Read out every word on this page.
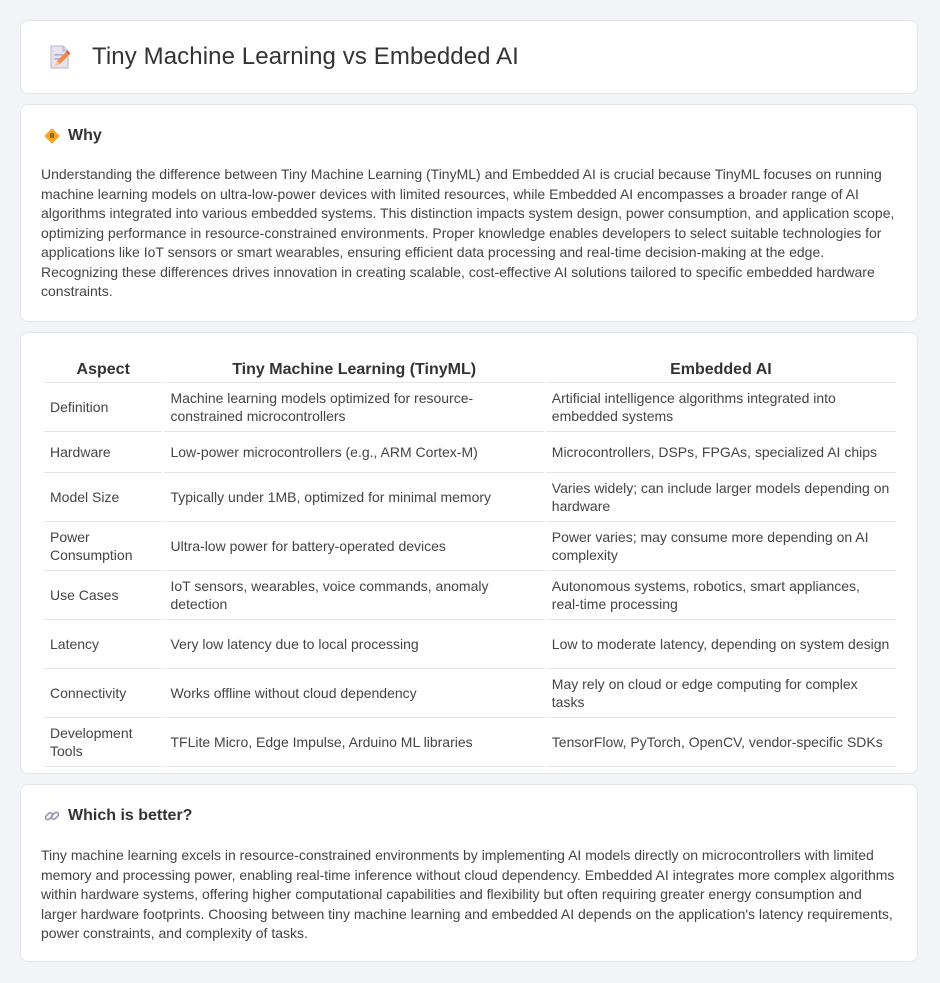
Tiny Machine Learning vs Embedded AI
Why
Understanding the difference between Tiny Machine Learning (TinyML) and Embedded AI is crucial because TinyML focuses on running machine learning models on ultra-low-power devices with limited resources, while Embedded AI encompasses a broader range of AI algorithms integrated into various embedded systems. This distinction impacts system design, power consumption, and application scope, optimizing performance in resource-constrained environments. Proper knowledge enables developers to select suitable technologies for applications like IoT sensors or smart wearables, ensuring efficient data processing and real-time decision-making at the edge. Recognizing these differences drives innovation in creating scalable, cost-effective AI solutions tailored to specific embedded hardware constraints.
Aspect	Tiny Machine Learning (TinyML)	Embedded AI
Definition	Machine learning models optimized for resource-constrained microcontrollers	Artificial intelligence algorithms integrated into embedded systems
Hardware	Low-power microcontrollers (e.g., ARM Cortex-M)	Microcontrollers, DSPs, FPGAs, specialized AI chips
Model Size	Typically under 1MB, optimized for minimal memory	Varies widely; can include larger models depending on hardware
Power Consumption	Ultra-low power for battery-operated devices	Power varies; may consume more depending on AI complexity
Use Cases	IoT sensors, wearables, voice commands, anomaly detection	Autonomous systems, robotics, smart appliances, real-time processing
Latency	Very low latency due to local processing	Low to moderate latency, depending on system design
Connectivity	Works offline without cloud dependency	May rely on cloud or edge computing for complex tasks
Development Tools	TFLite Micro, Edge Impulse, Arduino ML libraries	TensorFlow, PyTorch, OpenCV, vendor-specific SDKs
Which is better?
Tiny machine learning excels in resource-constrained environments by implementing AI models directly on microcontrollers with limited memory and processing power, enabling real-time inference without cloud dependency. Embedded AI integrates more complex algorithms within hardware systems, offering higher computational capabilities and flexibility but often requiring greater energy consumption and larger hardware footprints. Choosing between tiny machine learning and embedded AI depends on the application's latency requirements, power constraints, and complexity of tasks.
